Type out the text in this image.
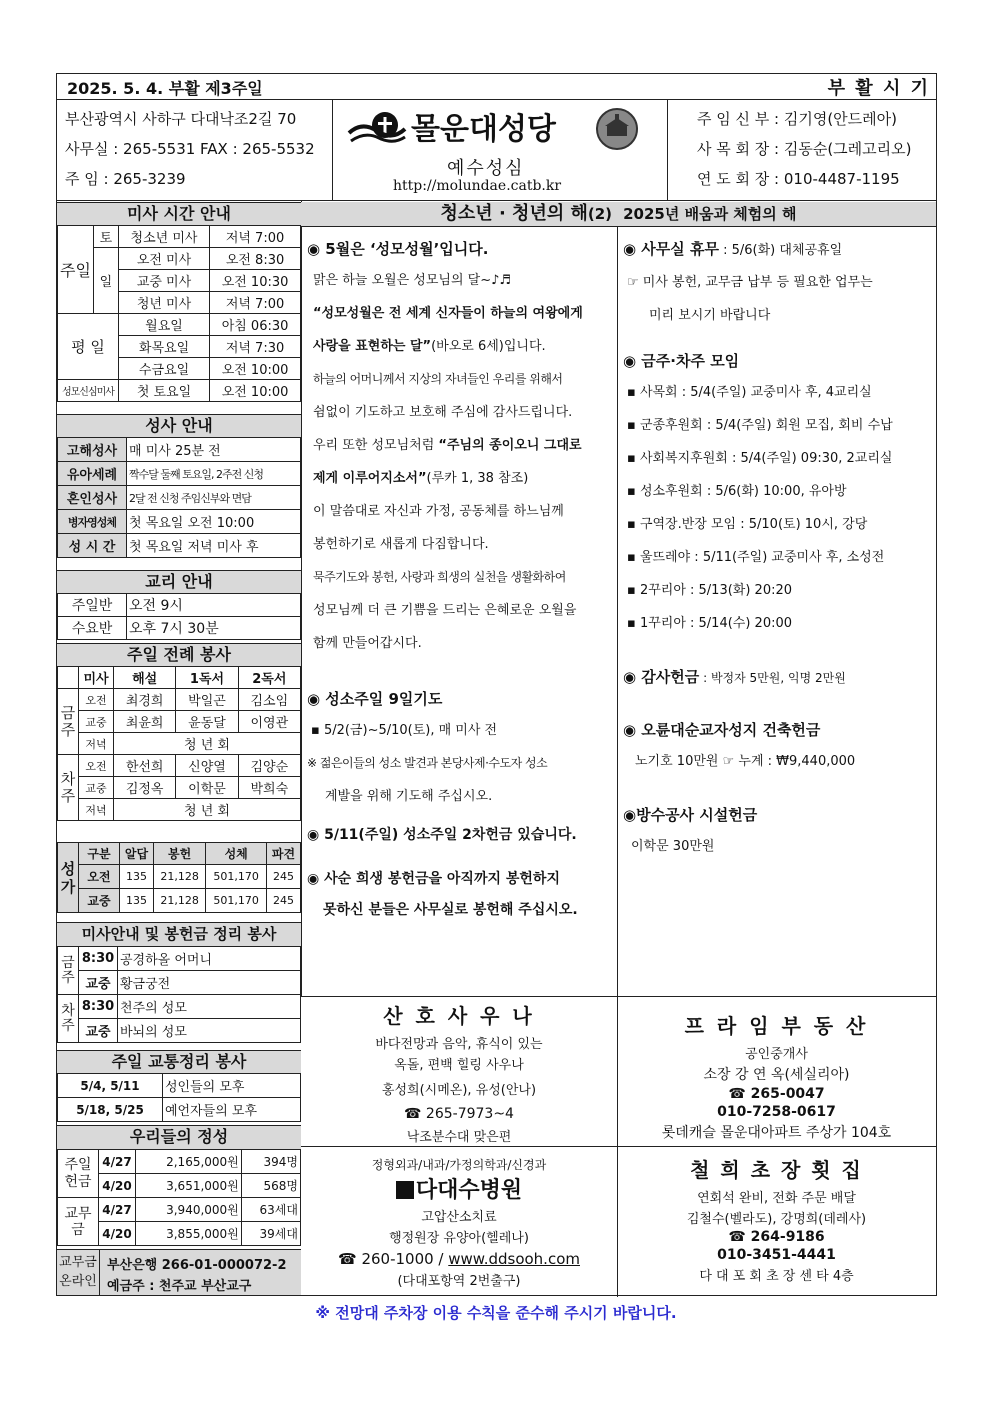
2025. 5. 4. 부활 제3주일	부 활 시 기
부산광역시 사하구 다대낙조2길 70
사무실 : 265-5531 FAX : 265-5532
주 임 : 265-3239
몰운대성당
예수성심
http://molundae.catb.kr
주 임 신 부 : 김기영(안드레아)
사 목 회 장 : 김동순(그레고리오)
연 도 회 장 : 010-4487-1195
미사 시간 안내
주일	토	청소년 미사	저녁 7:00
	일	오전 미사	오전 8:30
		교중 미사	오전 10:30
		청년 미사	저녁 7:00
평 일		월요일	아침 06:30
		화목요일	저녁 7:30
		수금요일	오전 10:00
성모신심미사		첫 토요일	오전 10:00
성사 안내
고해성사	매 미사 25분 전
유아세례	짝수달 둘째 토요일, 2주전 신청
혼인성사	2달 전 신청 주임신부와 면담
병자영성체	첫 목요일 오전 10:00
성 시 간	첫 목요일 저녁 미사 후
교리 안내
주일반	오전 9시
수요반	오후 7시 30분
주일 전례 봉사
	미사	해설	1독서	2독서
금주	오전	최경희	박일곤	김소임
	교중	최윤희	윤동달	이영관
	저녁	청 년 회		
차주	오전	한선희	신양열	김양순
	교중	김정옥	이학문	박희숙
	저녁	청 년 회		
성가	구분	알답	봉헌	성체	파견
	오전	135	21,128	501,170	245
	교중	135	21,128	501,170	245
미사안내 및 봉헌금 정리 봉사
금주	8:30	공경하올 어머니
	교중	황금궁전
차주	8:30	천주의 성모
	교중	바뇌의 성모
주일 교통정리 봉사
5/4, 5/11	성인들의 모후
5/18, 5/25	예언자들의 모후
우리들의 정성
주일헌금	4/27	2,165,000원	394명
	4/20	3,651,000원	568명
교무금	4/27	3,940,000원	63세대
	4/20	3,855,000원	39세대
교무금 온라인
부산은행 266-01-000072-2
예금주 : 천주교 부산교구
청소년 · 청년의 해(2) 2025년 배움과 체험의 해
◉ 5월은 ‘성모성월’입니다.
맑은 하늘 오월은 성모님의 달~♪♬
“성모성월은 전 세계 신자들이 하늘의 여왕에게
사랑을 표현하는 달”(바오로 6세)입니다.
하늘의 어머니께서 지상의 자녀들인 우리를 위해서
쉼없이 기도하고 보호해 주심에 감사드립니다.
우리 또한 성모님처럼 “주님의 종이오니 그대로
제게 이루어지소서”(루카 1, 38 참조)
이 말씀대로 자신과 가정, 공동체를 하느님께
봉헌하기로 새롭게 다짐합니다.
묵주기도와 봉헌, 사랑과 희생의 실천을 생활화하여
성모님께 더 큰 기쁨을 드리는 은혜로운 오월을
함께 만들어갑시다.
◉ 성소주일 9일기도
▪ 5/2(금)~5/10(토), 매 미사 전
※ 젊은이들의 성소 발견과 본당사제·수도자 성소
계발을 위해 기도해 주십시오.
◉ 5/11(주일) 성소주일 2차헌금 있습니다.
◉ 사순 희생 봉헌금을 아직까지 봉헌하지
못하신 분들은 사무실로 봉헌해 주십시오.
◉ 사무실 휴무 : 5/6(화) 대체공휴일
☞ 미사 봉헌, 교무금 납부 등 필요한 업무는
미리 보시기 바랍니다
◉ 금주·차주 모임
▪ 사목회 : 5/4(주일) 교중미사 후, 4교리실
▪ 군종후원회 : 5/4(주일) 회원 모집, 회비 수납
▪ 사회복지후원회 : 5/4(주일) 09:30, 2교리실
▪ 성소후원회 : 5/6(화) 10:00, 유아방
▪ 구역장.반장 모임 : 5/10(토) 10시, 강당
▪ 울뜨레야 : 5/11(주일) 교중미사 후, 소성전
▪ 2꾸리아 : 5/13(화) 20:20
▪ 1꾸리아 : 5/14(수) 20:00
◉ 감사헌금 : 박정자 5만원, 익명 2만원
◉ 오륜대순교자성지 건축헌금
노기호 10만원 ☞ 누계 : ₩9,440,000
◉방수공사 시설헌금
이학문 30만원
산 호 사 우 나
바다전망과 음악, 휴식이 있는
옥돌, 편백 힐링 사우나
홍성희(시메온), 유성(안나)
☎ 265-7973~4
낙조분수대 맞은편
프 라 임 부 동 산
공인중개사
소장 강 연 옥(세실리아)
☎ 265-0047
010-7258-0617
롯데캐슬 몰운대아파트 주상가 104호
정형외과/내과/가정의학과/신경과
다대수병원
고압산소치료
행정원장 유양아(헬레나)
☎ 260-1000 / www.ddsooh.com
(다대포항역 2번출구)
철 희 초 장 횟 집
연회석 완비, 전화 주문 배달
김철수(벨라도), 강명희(데레사)
☎ 264-9186
010-3451-4441
다 대 포 회 초 장 센 타 4층
※ 전망대 주차장 이용 수칙을 준수해 주시기 바랍니다.
